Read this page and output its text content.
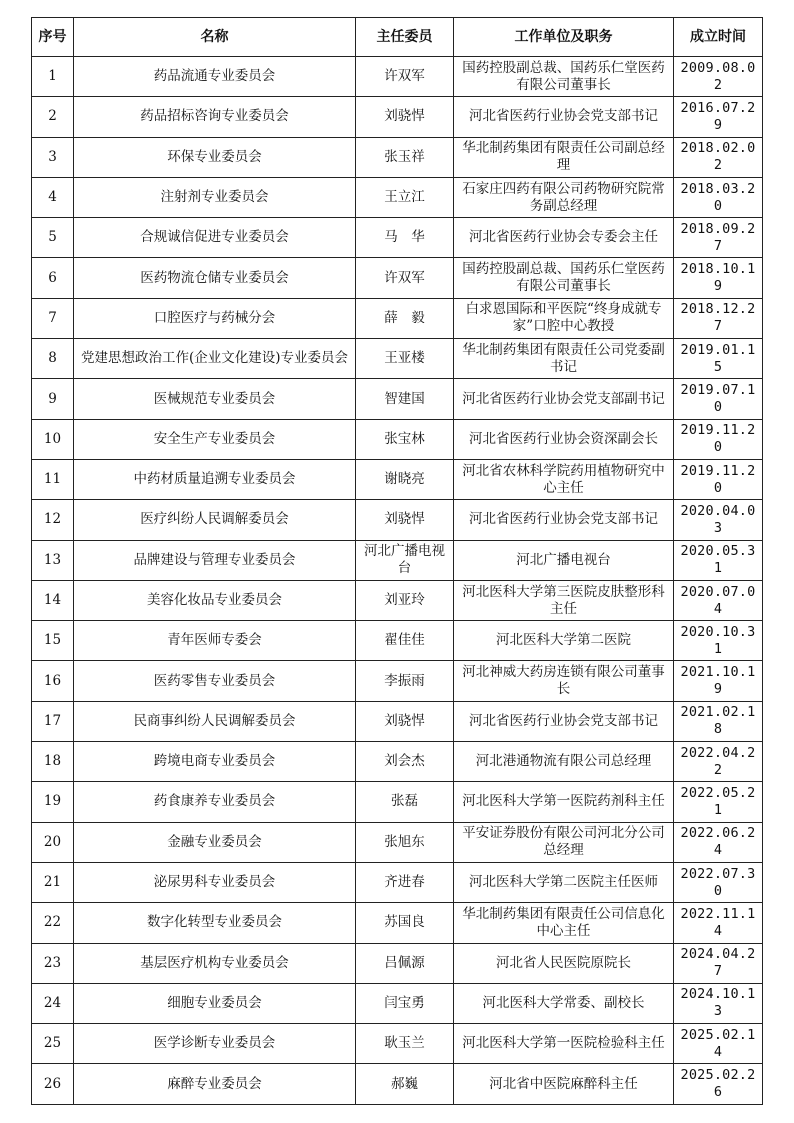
序号	名称	主任委员	工作单位及职务	成立时间
1	药品流通专业委员会	许双军	国药控股副总裁、国药乐仁堂医药有限公司董事长	2009.08.02
2	药品招标咨询专业委员会	刘骁悍	河北省医药行业协会党支部书记	2016.07.29
3	环保专业委员会	张玉祥	华北制药集团有限责任公司副总经理	2018.02.02
4	注射剂专业委员会	王立江	石家庄四药有限公司药物研究院常务副总经理	2018.03.20
5	合规诚信促进专业委员会	马　华	河北省医药行业协会专委会主任	2018.09.27
6	医药物流仓储专业委员会	许双军	国药控股副总裁、国药乐仁堂医药有限公司董事长	2018.10.19
7	口腔医疗与药械分会	薛　毅	白求恩国际和平医院“终身成就专家”口腔中心教授	2018.12.27
8	党建思想政治工作(企业文化建设)专业委员会	王亚楼	华北制药集团有限责任公司党委副书记	2019.01.15
9	医械规范专业委员会	智建国	河北省医药行业协会党支部副书记	2019.07.10
10	安全生产专业委员会	张宝林	河北省医药行业协会资深副会长	2019.11.20
11	中药材质量追溯专业委员会	谢晓亮	河北省农林科学院药用植物研究中心主任	2019.11.20
12	医疗纠纷人民调解委员会	刘骁悍	河北省医药行业协会党支部书记	2020.04.03
13	品牌建设与管理专业委员会	河北广播电视台	河北广播电视台	2020.05.31
14	美容化妆品专业委员会	刘亚玲	河北医科大学第三医院皮肤整形科主任	2020.07.04
15	青年医师专委会	翟佳佳	河北医科大学第二医院	2020.10.31
16	医药零售专业委员会	李振雨	河北神威大药房连锁有限公司董事长	2021.10.19
17	民商事纠纷人民调解委员会	刘骁悍	河北省医药行业协会党支部书记	2021.02.18
18	跨境电商专业委员会	刘会杰	河北港通物流有限公司总经理	2022.04.22
19	药食康养专业委员会	张磊	河北医科大学第一医院药剂科主任	2022.05.21
20	金融专业委员会	张旭东	平安证券股份有限公司河北分公司总经理	2022.06.24
21	泌尿男科专业委员会	齐进春	河北医科大学第二医院主任医师	2022.07.30
22	数字化转型专业委员会	苏国良	华北制药集团有限责任公司信息化中心主任	2022.11.14
23	基层医疗机构专业委员会	吕佩源	河北省人民医院原院长	2024.04.27
24	细胞专业委员会	闫宝勇	河北医科大学常委、副校长	2024.10.13
25	医学诊断专业委员会	耿玉兰	河北医科大学第一医院检验科主任	2025.02.14
26	麻醉专业委员会	郝巍	河北省中医院麻醉科主任	2025.02.26
